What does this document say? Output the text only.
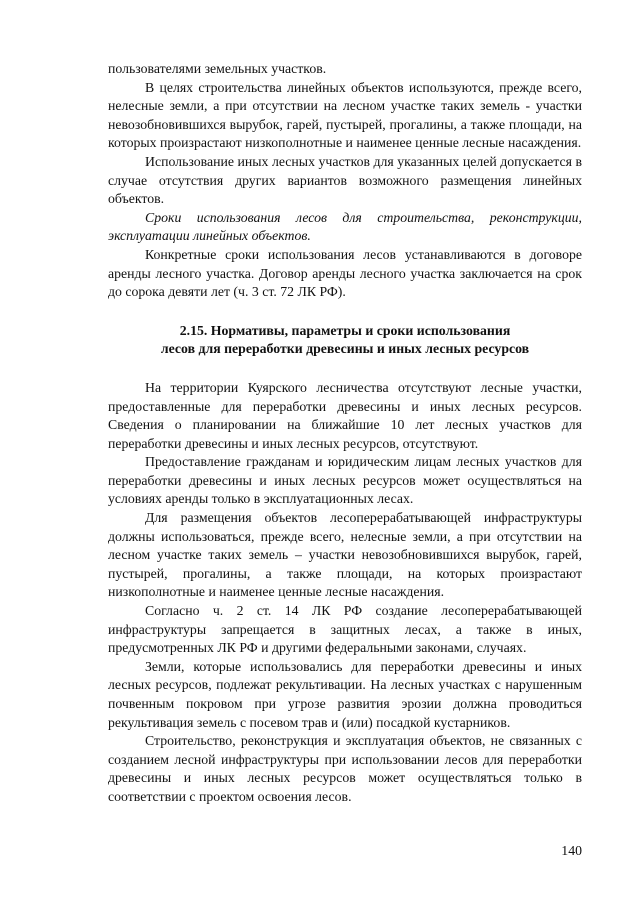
пользователями земельных участков.

В целях строительства линейных объектов используются, прежде всего, нелесные земли, а при отсутствии на лесном участке таких земель - участки невозобновившихся вырубок, гарей, пустырей, прогалины, а также площади, на которых произрастают низкополнотные и наименее ценные лесные насаждения.

Использование иных лесных участков для указанных целей допускается в случае отсутствия других вариантов возможного размещения линейных объектов.

Сроки использования лесов для строительства, реконструкции, эксплуатации линейных объектов.

Конкретные сроки использования лесов устанавливаются в договоре аренды лесного участка. Договор аренды лесного участка заключается на срок до сорока девяти лет (ч. 3 ст. 72 ЛК РФ).

2.15. Нормативы, параметры и сроки использования
лесов для переработки древесины и иных лесных ресурсов

На территории Куярского лесничества отсутствуют лесные участки, предоставленные для переработки древесины и иных лесных ресурсов. Сведения о планировании на ближайшие 10 лет лесных участков для переработки древесины и иных лесных ресурсов, отсутствуют.

Предоставление гражданам и юридическим лицам лесных участков для переработки древесины и иных лесных ресурсов может осуществляться на условиях аренды только в эксплуатационных лесах.

Для размещения объектов лесоперерабатывающей инфраструктуры должны использоваться, прежде всего, нелесные земли, а при отсутствии на лесном участке таких земель – участки невозобновившихся вырубок, гарей, пустырей, прогалины, а также площади, на которых произрастают низкополнотные и наименее ценные лесные насаждения.

Согласно ч. 2 ст. 14 ЛК РФ создание лесоперерабатывающей инфраструктуры запрещается в защитных лесах, а также в иных, предусмотренных ЛК РФ и другими федеральными законами, случаях.

Земли, которые использовались для переработки древесины и иных лесных ресурсов, подлежат рекультивации. На лесных участках с нарушенным почвенным покровом при угрозе развития эрозии должна проводиться рекультивация земель с посевом трав и (или) посадкой кустарников.

Строительство, реконструкция и эксплуатация объектов, не связанных с созданием лесной инфраструктуры при использовании лесов для переработки древесины и иных лесных ресурсов может осуществляться только в соответствии с проектом освоения лесов.

140
